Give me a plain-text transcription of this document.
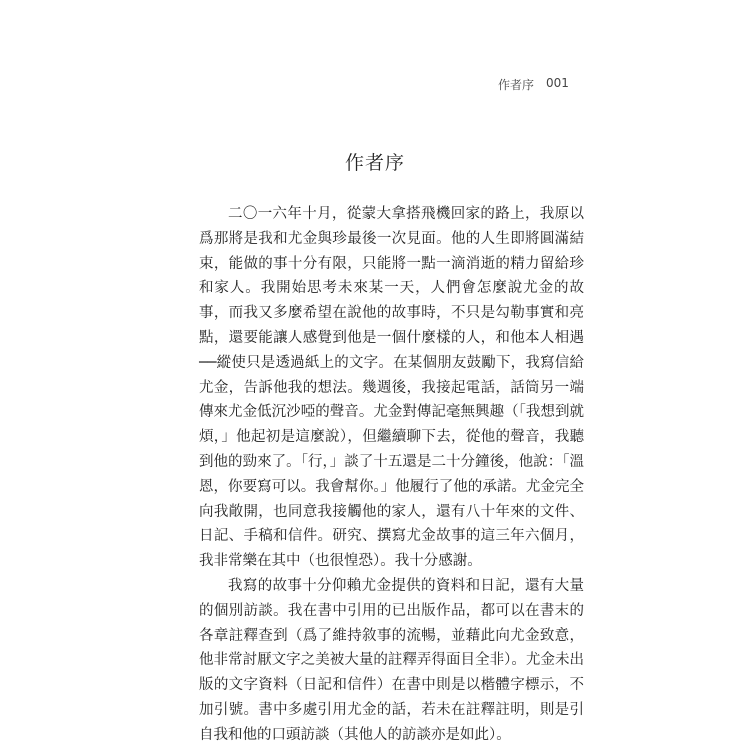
作者序 001
作者序

二〇一六年十月，從蒙大拿搭飛機回家的路上，我原以爲那將是我和尤金與珍最後一次見面。他的人生即將圓滿結束，能做的事十分有限，只能將一點一滴消逝的精力留給珍和家人。我開始思考未來某一天，人們會怎麼說尤金的故事，而我又多麼希望在說他的故事時，不只是勾勒事實和亮點，還要能讓人感覺到他是一個什麼樣的人，和他本人相遇──縱使只是透過紙上的文字。在某個朋友鼓勵下，我寫信給尤金，告訴他我的想法。幾週後，我接起電話，話筒另一端傳來尤金低沉沙啞的聲音。尤金對傳記毫無興趣（「我想到就煩，」他起初是這麼說），但繼續聊下去，從他的聲音，我聽到他的勁來了。「行，」談了十五還是二十分鐘後，他說：「溫恩，你要寫可以。我會幫你。」他履行了他的承諾。尤金完全向我敞開，也同意我接觸他的家人，還有八十年來的文件、日記、手稿和信件。研究、撰寫尤金故事的這三年六個月，我非常樂在其中（也很惶恐）。我十分感謝。

我寫的故事十分仰賴尤金提供的資料和日記，還有大量的個別訪談。我在書中引用的已出版作品，都可以在書末的各章註釋查到（爲了維持敘事的流暢，並藉此向尤金致意，他非常討厭文字之美被大量的註釋弄得面目全非）。尤金未出版的文字資料（日記和信件）在書中則是以楷體字標示，不加引號。書中多處引用尤金的話，若未在註釋註明，則是引自我和他的口頭訪談（其他人的訪談亦是如此）。
